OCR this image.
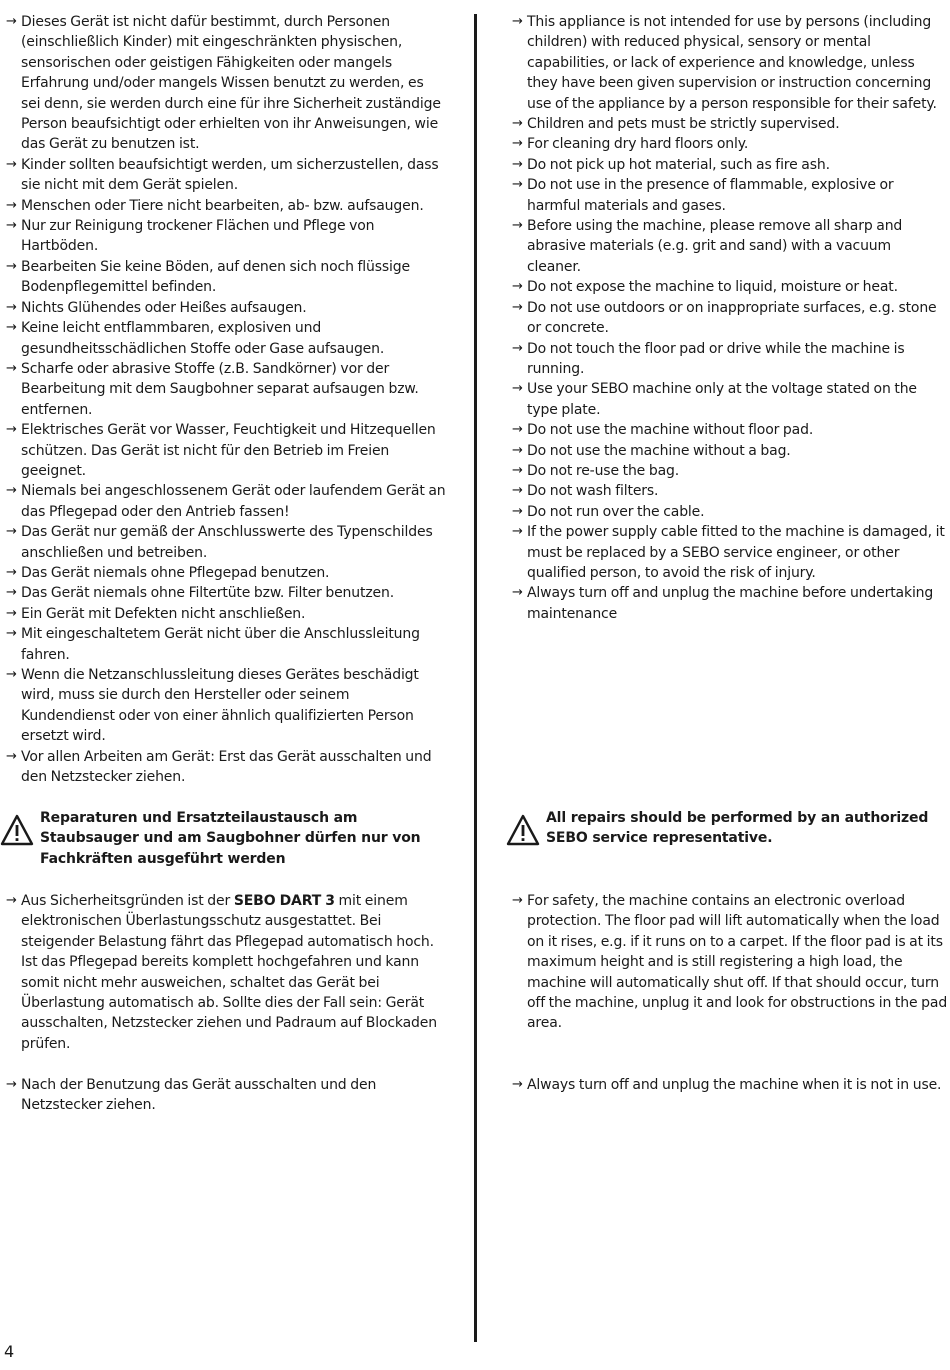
→ Dieses Gerät ist nicht dafür bestimmt, durch Personen (einschließlich Kinder) mit eingeschränkten physischen, sensorischen oder geistigen Fähigkeiten oder mangels Erfahrung und/oder mangels Wissen benutzt zu werden, es sei denn, sie werden durch eine für ihre Sicherheit zuständige Person beaufsichtigt oder erhielten von ihr Anweisungen, wie das Gerät zu benutzen ist.
→ Kinder sollten beaufsichtigt werden, um sicherzustellen, dass sie nicht mit dem Gerät spielen.
→ Menschen oder Tiere nicht bearbeiten, ab- bzw. aufsaugen.
→ Nur zur Reinigung trockener Flächen und Pflege von Hartböden.
→ Bearbeiten Sie keine Böden, auf denen sich noch flüssige Bodenpflegemittel befinden.
→ Nichts Glühendes oder Heißes aufsaugen.
→ Keine leicht entflammbaren, explosiven und gesundheitsschädlichen Stoffe oder Gase aufsaugen.
→ Scharfe oder abrasive Stoffe (z.B. Sandkörner) vor der Bearbeitung mit dem Saugbohner separat aufsaugen bzw. entfernen.
→ Elektrisches Gerät vor Wasser, Feuchtigkeit und Hitzequellen schützen. Das Gerät ist nicht für den Betrieb im Freien geeignet.
→ Niemals bei angeschlossenem Gerät oder laufendem Gerät an das Pflegepad oder den Antrieb fassen!
→ Das Gerät nur gemäß der Anschlusswerte des Typenschildes anschließen und betreiben.
→ Das Gerät niemals ohne Pflegepad benutzen.
→ Das Gerät niemals ohne Filtertüte bzw. Filter benutzen.
→ Ein Gerät mit Defekten nicht anschließen.
→ Mit eingeschaltetem Gerät nicht über die Anschlussleitung fahren.
→ Wenn die Netzanschlussleitung dieses Gerätes beschädigt wird, muss sie durch den Hersteller oder seinem Kundendienst oder von einer ähnlich qualifizierten Person ersetzt wird.
→ Vor allen Arbeiten am Gerät: Erst das Gerät ausschalten und den Netzstecker ziehen.
→ This appliance is not intended for use by persons (including children) with reduced physical, sensory or mental capabilities, or lack of experience and knowledge, unless they have been given supervision or instruction concerning use of the appliance by a person responsible for their safety.
→ Children and pets must be strictly supervised.
→ For cleaning dry hard floors only.
→ Do not pick up hot material, such as fire ash.
→ Do not use in the presence of flammable, explosive or harmful materials and gases.
→ Before using the machine, please remove all sharp and abrasive materials (e.g. grit and sand) with a vacuum cleaner.
→ Do not expose the machine to liquid, moisture or heat.
→ Do not use outdoors or on inappropriate surfaces, e.g. stone or concrete.
→ Do not touch the floor pad or drive while the machine is running.
→ Use your SEBO machine only at the voltage stated on the type plate.
→ Do not use the machine without floor pad.
→ Do not use the machine without a bag.
→ Do not re-use the bag.
→ Do not wash filters.
→ Do not run over the cable.
→ If the power supply cable fitted to the machine is damaged, it must be replaced by a SEBO service engineer, or other qualified person, to avoid the risk of injury.
→ Always turn off and unplug the machine before undertaking maintenance
Reparaturen und Ersatzteilaustausch am Staubsauger und am Saugbohner dürfen nur von Fachkräften ausgeführt werden
All repairs should be performed by an authorized SEBO service representative.
→ Aus Sicherheitsgründen ist der SEBO DART 3 mit einem elektronischen Überlastungsschutz ausgestattet. Bei steigender Belastung fährt das Pflegepad automatisch hoch. Ist das Pflegepad bereits komplett hochgefahren und kann somit nicht mehr ausweichen, schaltet das Gerät bei Überlastung automatisch ab. Sollte dies der Fall sein: Gerät ausschalten, Netzstecker ziehen und Padraum auf Blockaden prüfen.
→ Nach der Benutzung das Gerät ausschalten und den Netzstecker ziehen.
→ For safety, the machine contains an electronic overload protection. The floor pad will lift automatically when the load on it rises, e.g. if it runs on to a carpet. If the floor pad is at its maximum height and is still registering a high load, the machine will automatically shut off. If that should occur, turn off the machine, unplug it and look for obstructions in the pad area.
→ Always turn off and unplug the machine when it is not in use.
4
